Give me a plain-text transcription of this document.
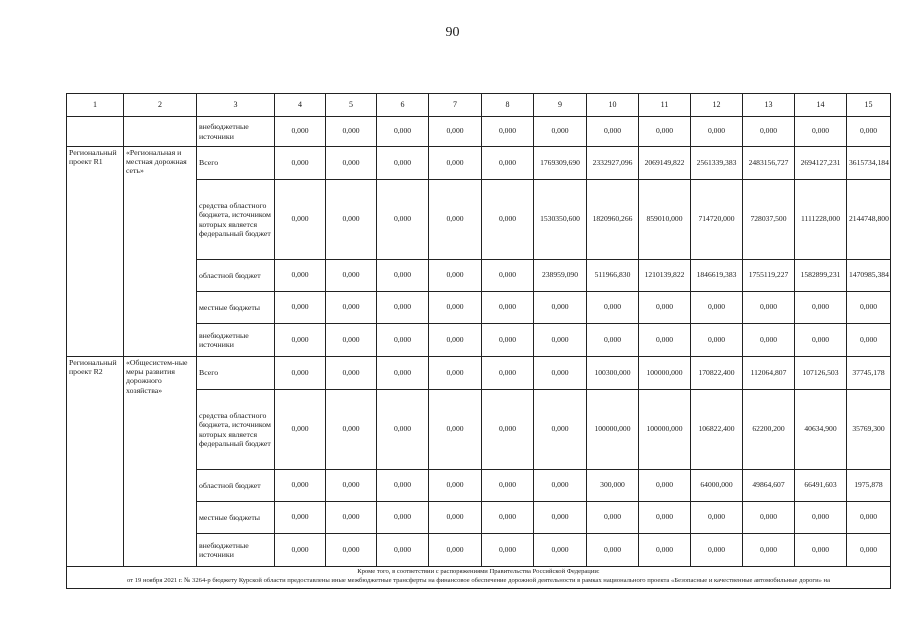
90
1	2	3	4	5	6	7	8	9	10	11	12	13	14	15
		внебюджетные источники	0,000	0,000	0,000	0,000	0,000	0,000	0,000	0,000	0,000	0,000	0,000	0,000
Региональный проект R1	«Региональная и местная дорожная сеть»	Всего	0,000	0,000	0,000	0,000	0,000	1769309,690	2332927,096	2069149,822	2561339,383	2483156,727	2694127,231	3615734,184
		средства областного бюджета, источником которых является федеральный бюджет	0,000	0,000	0,000	0,000	0,000	1530350,600	1820960,266	859010,000	714720,000	728037,500	1111228,000	2144748,800
		областной бюджет	0,000	0,000	0,000	0,000	0,000	238959,090	511966,830	1210139,822	1846619,383	1755119,227	1582899,231	1470985,384
		местные бюджеты	0,000	0,000	0,000	0,000	0,000	0,000	0,000	0,000	0,000	0,000	0,000	0,000
		внебюджетные источники	0,000	0,000	0,000	0,000	0,000	0,000	0,000	0,000	0,000	0,000	0,000	0,000
Региональный проект R2	«Общесистем-ные меры развития дорожного хозяйства»	Всего	0,000	0,000	0,000	0,000	0,000	0,000	100300,000	100000,000	170822,400	112064,807	107126,503	37745,178
		средства областного бюджета, источником которых является федеральный бюджет	0,000	0,000	0,000	0,000	0,000	0,000	100000,000	100000,000	106822,400	62200,200	40634,900	35769,300
		областной бюджет	0,000	0,000	0,000	0,000	0,000	0,000	300,000	0,000	64000,000	49864,607	66491,603	1975,878
		местные бюджеты	0,000	0,000	0,000	0,000	0,000	0,000	0,000	0,000	0,000	0,000	0,000	0,000
		внебюджетные источники	0,000	0,000	0,000	0,000	0,000	0,000	0,000	0,000	0,000	0,000	0,000	0,000

Кроме того, в соответствии с распоряжениями Правительства Российской Федерации:
от 19 ноября 2021 г. № 3264-р бюджету Курской области предоставлены иные межбюджетные трансферты на финансовое обеспечение дорожной деятельности в рамках национального проекта «Безопасные и качественные автомобильные дороги» на														
